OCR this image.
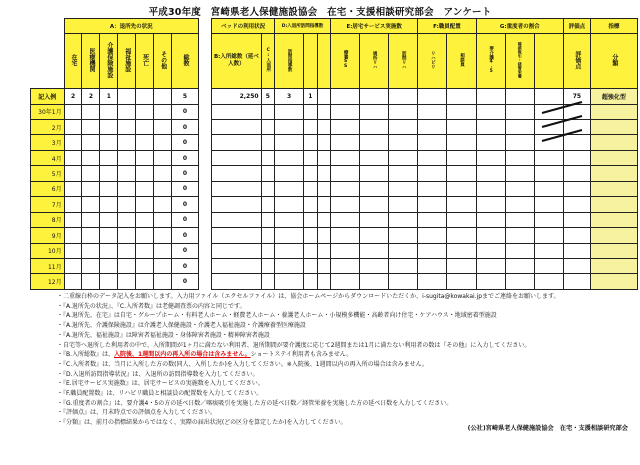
平成30年度　宮崎県老人保健施設協会　在宅・支援相談研究部会　アンケート
	A：退所先の状況								ベッドの利用状況		D:入退所訪問指導数			E:居宅サービス実施数			F:職員配置		G:重度者の割合			評価点	指標
	在宅	医療機関	介護保険施設	福祉施設	死亡	その他	総数		B:入所総数（延べ人数）	C:入退所	訪問指導数			療養SS	通所リハ	訪問リハ	リハビリ	相談員	要介護4・5	喀痰吸引・経管栄養		評価点	分類
記入例	2	2	1				5		2,250	5	3	1										75	超強化型
30年1月							0																
2月							0																
3月							0																
4月							0																
5月							0																
6月							0																
7月							0																
8月							0																
9月							0																
10月							0																
11月							0																
12月							0																
・二重線白枠のデータ記入をお願いします。入力用ファイル（エクセルファイル）は、協会ホームページからダウンロードいただくか、i-sugita@kowakai.jpまでご連絡をお願いします。
・『A.退所先の状況』、『C.入所者数』は老健調査票の内容と同じです。
・『A.退所先、在宅』は自宅・グループホーム・有料老人ホーム・軽費老人ホーム・養護老人ホーム・小規模多機能・高齢者向け住宅・ケアハウス・地域密着型施設
・『A.退所先、介護保険施設』は介護老人保健施設・介護老人福祉施設・介護療養型医療施設
・『A.退所先、福祉施設』は障害者福祉施設・身体障害者施設・精神障害者施設
・自宅等へ退所した利用者の中で、入所期間が1ヶ月に満たない利用者、退所期間が要介護度に応じて2週間または1月に満たない利用者の数は『その他』に入力してください。
・『B.入所総数』は、入院後、1週間以内の再入所の場合は含みません。ショートステイ利用者も含みません。
・『C.入所者数』は、当月に入所した方の数(同人、入所したか)を入力してください。※入院後、1週間以内の再入所の場合は含みません。
・『D.入退所訪問指導状況』は、入退所の訪問指導数を入力してください。
・『E.居宅サービス実施数』は、居宅サービスの実施数を入力してください。
・『F.職員配置数』は、リハビリ職員と相談員の配置数を入力してください。
・『G.重度者の割合』は、要介護4・5の方の延べ日数／喀痰吸引を実施した方の延べ日数／経管栄養を実施した方の延べ日数を入力してください。
・『評価点』は、月末時点での評価点を入力してください。
・『分類』は、前月の指標結果からではなく、実際の届出状況(どの区分を算定したか)を入力してください。
(公社)宮崎県老人保健施設協会　在宅・支援相談研究部会
